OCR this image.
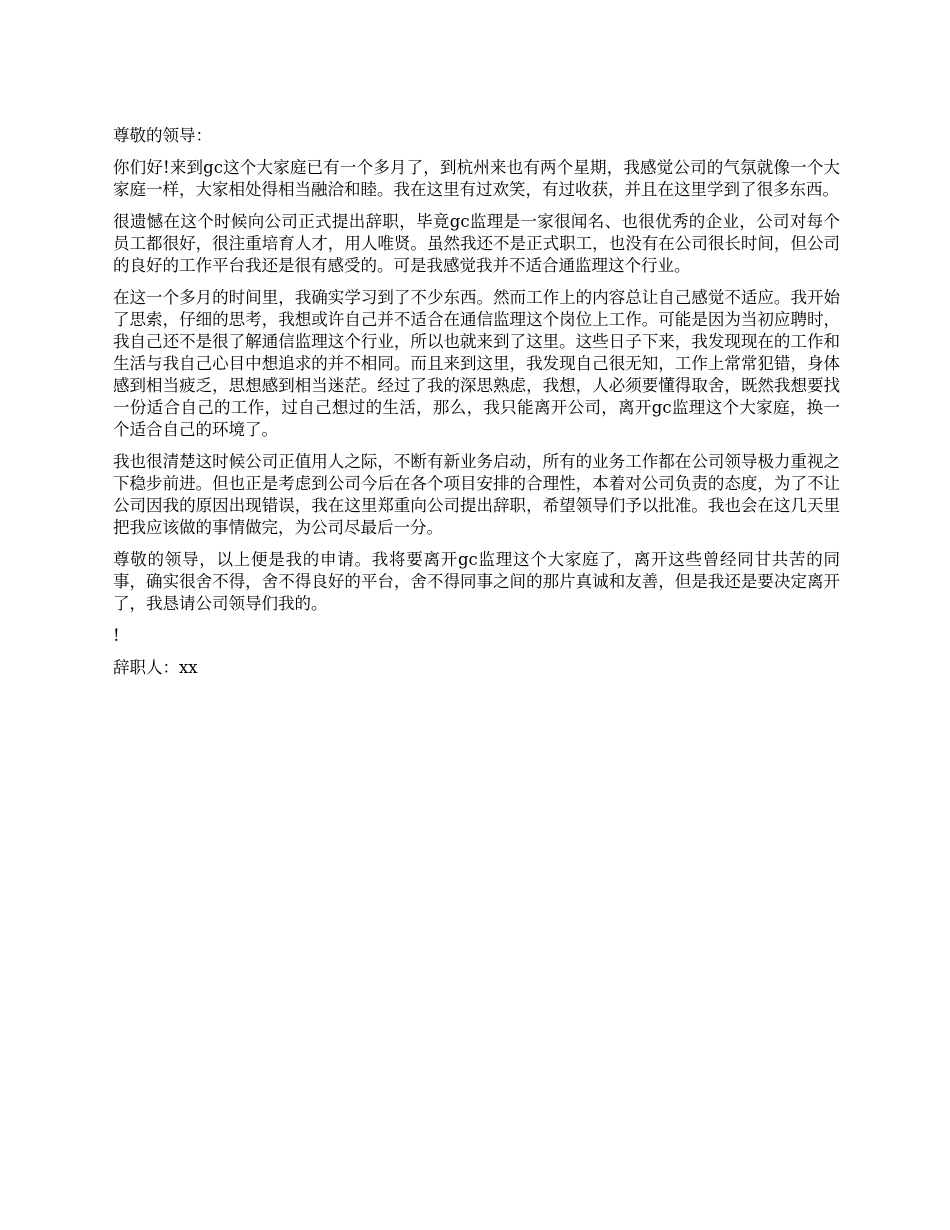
尊敬的领导：

你们好!来到gc这个大家庭已有一个多月了，到杭州来也有两个星期，我感觉公司的气氛就像一个大家庭一样，大家相处得相当融洽和睦。我在这里有过欢笑，有过收获，并且在这里学到了很多东西。

很遗憾在这个时候向公司正式提出辞职，毕竟gc监理是一家很闻名、也很优秀的企业，公司对每个员工都很好，很注重培育人才，用人唯贤。虽然我还不是正式职工，也没有在公司很长时间，但公司的良好的工作平台我还是很有感受的。可是我感觉我并不适合通监理这个行业。

在这一个多月的时间里，我确实学习到了不少东西。然而工作上的内容总让自己感觉不适应。我开始了思索，仔细的思考，我想或许自己并不适合在通信监理这个岗位上工作。可能是因为当初应聘时，我自己还不是很了解通信监理这个行业，所以也就来到了这里。这些日子下来，我发现现在的工作和生活与我自己心目中想追求的并不相同。而且来到这里，我发现自己很无知，工作上常常犯错，身体感到相当疲乏，思想感到相当迷茫。经过了我的深思熟虑，我想，人必须要懂得取舍，既然我想要找一份适合自己的工作，过自己想过的生活，那么，我只能离开公司，离开gc监理这个大家庭，换一个适合自己的环境了。

我也很清楚这时候公司正值用人之际，不断有新业务启动，所有的业务工作都在公司领导极力重视之下稳步前进。但也正是考虑到公司今后在各个项目安排的合理性，本着对公司负责的态度，为了不让公司因我的原因出现错误，我在这里郑重向公司提出辞职，希望领导们予以批准。我也会在这几天里把我应该做的事情做完，为公司尽最后一分。

尊敬的领导，以上便是我的申请。我将要离开gc监理这个大家庭了，离开这些曾经同甘共苦的同事，确实很舍不得，舍不得良好的平台，舍不得同事之间的那片真诚和友善，但是我还是要决定离开了，我恳请公司领导们我的。

!

辞职人：xx
